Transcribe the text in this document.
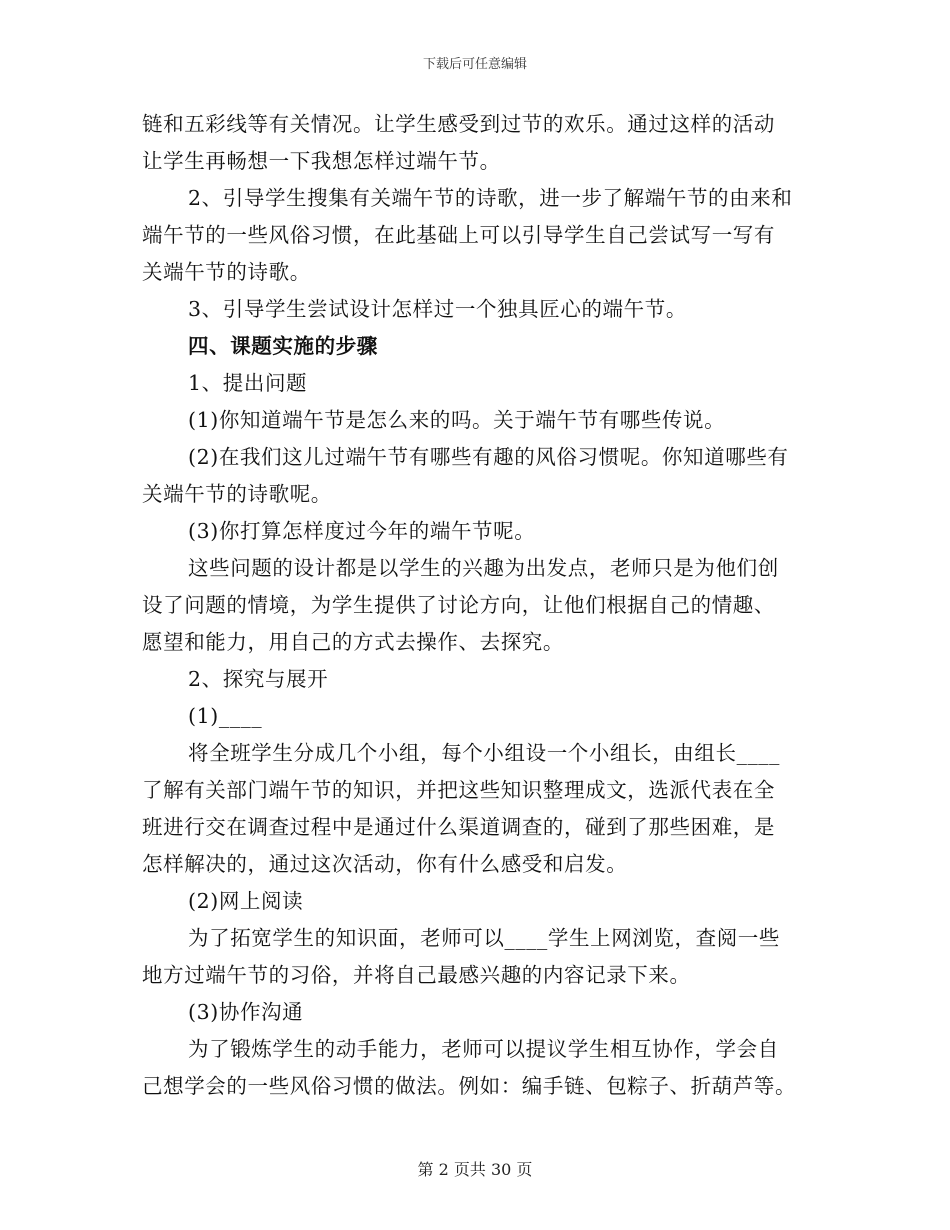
下载后可任意编辑
链和五彩线等有关情况。让学生感受到过节的欢乐。通过这样的活动
让学生再畅想一下我想怎样过端午节。
2、引导学生搜集有关端午节的诗歌，进一步了解端午节的由来和
端午节的一些风俗习惯，在此基础上可以引导学生自己尝试写一写有
关端午节的诗歌。
3、引导学生尝试设计怎样过一个独具匠心的端午节。
四、课题实施的步骤
1、提出问题
(1)你知道端午节是怎么来的吗。关于端午节有哪些传说。
(2)在我们这儿过端午节有哪些有趣的风俗习惯呢。你知道哪些有
关端午节的诗歌呢。
(3)你打算怎样度过今年的端午节呢。
这些问题的设计都是以学生的兴趣为出发点，老师只是为他们创
设了问题的情境，为学生提供了讨论方向，让他们根据自己的情趣、
愿望和能力，用自己的方式去操作、去探究。
2、探究与展开
(1)____
将全班学生分成几个小组，每个小组设一个小组长，由组长____
了解有关部门端午节的知识，并把这些知识整理成文，选派代表在全
班进行交在调查过程中是通过什么渠道调查的，碰到了那些困难，是
怎样解决的，通过这次活动，你有什么感受和启发。
(2)网上阅读
为了拓宽学生的知识面，老师可以____学生上网浏览，查阅一些
地方过端午节的习俗，并将自己最感兴趣的内容记录下来。
(3)协作沟通
为了锻炼学生的动手能力，老师可以提议学生相互协作，学会自
己想学会的一些风俗习惯的做法。例如：编手链、包粽子、折葫芦等。
第 2 页共 30 页
